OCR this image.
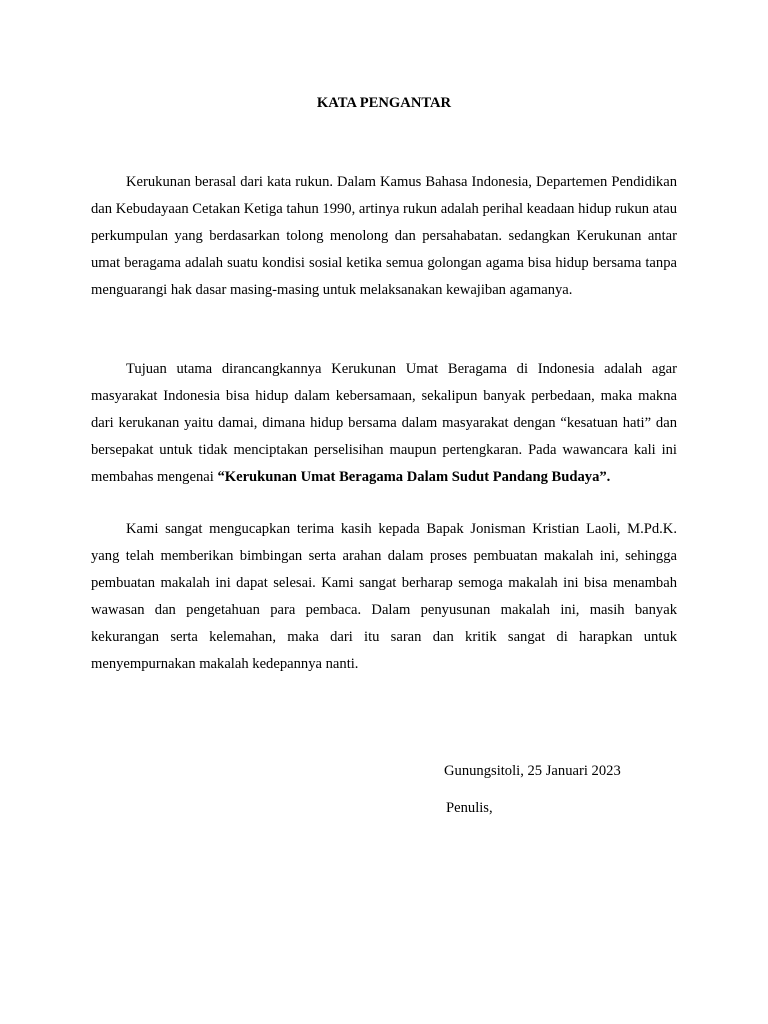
KATA PENGANTAR

Kerukunan berasal dari kata rukun. Dalam Kamus Bahasa Indonesia, Departemen Pendidikan dan Kebudayaan Cetakan Ketiga tahun 1990, artinya rukun adalah perihal keadaan hidup rukun atau perkumpulan yang berdasarkan tolong menolong dan persahabatan. sedangkan Kerukunan antar umat beragama adalah suatu kondisi sosial ketika semua golongan agama bisa hidup bersama tanpa menguarangi hak dasar masing-masing untuk melaksanakan kewajiban agamanya.

Tujuan utama dirancangkannya Kerukunan Umat Beragama di Indonesia adalah agar masyarakat Indonesia bisa hidup dalam kebersamaan, sekalipun banyak perbedaan, maka makna dari kerukanan yaitu damai, dimana hidup bersama dalam masyarakat dengan “kesatuan hati” dan bersepakat untuk tidak menciptakan perselisihan maupun pertengkaran. Pada wawancara kali ini membahas mengenai “Kerukunan Umat Beragama Dalam Sudut Pandang Budaya”.

Kami sangat mengucapkan terima kasih kepada Bapak Jonisman Kristian Laoli, M.Pd.K. yang telah memberikan bimbingan serta arahan dalam proses pembuatan makalah ini, sehingga pembuatan makalah ini dapat selesai. Kami sangat berharap semoga makalah ini bisa menambah wawasan dan pengetahuan para pembaca. Dalam penyusunan makalah ini, masih banyak kekurangan serta kelemahan, maka dari itu saran dan kritik sangat di harapkan untuk menyempurnakan makalah kedepannya nanti.

Gunungsitoli, 25 Januari 2023
Penulis,
